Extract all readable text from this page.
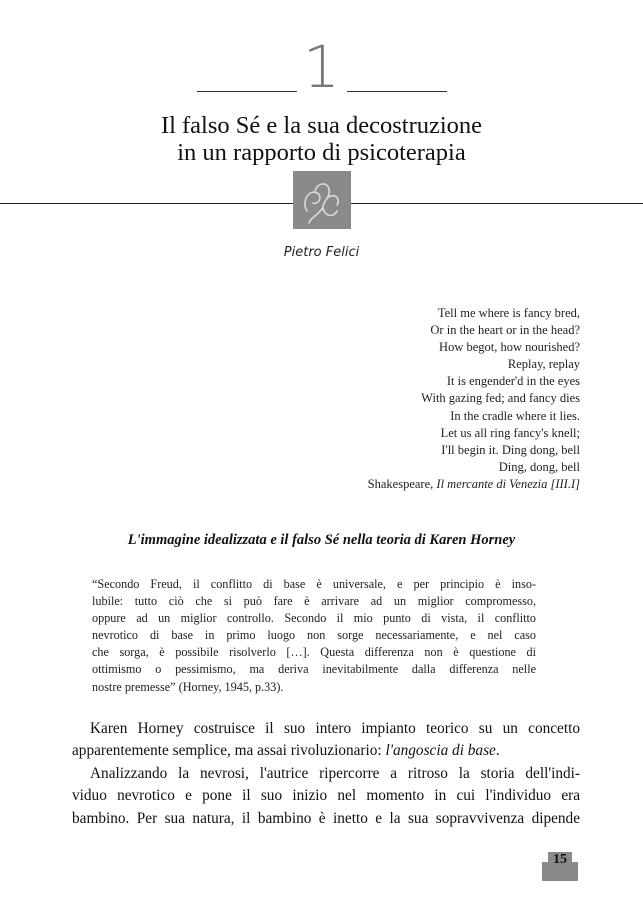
1
Il falso Sé e la sua decostruzione
in un rapporto di psicoterapia
Pietro Felici
Tell me where is fancy bred,
Or in the heart or in the head?
How begot, how nourished?
Replay, replay
It is engender'd in the eyes
With gazing fed; and fancy dies
In the cradle where it lies.
Let us all ring fancy's knell;
I'll begin it. Ding dong, bell
Ding, dong, bell
Shakespeare, Il mercante di Venezia [III.I]
L'immagine idealizzata e il falso Sé nella teoria di Karen Horney
“Secondo Freud, il conflitto di base è universale, e per principio è inso-
lubile: tutto ciò che si può fare è arrivare ad un miglior compromesso,
oppure ad un miglior controllo. Secondo il mio punto di vista, il conflitto
nevrotico di base in primo luogo non sorge necessariamente, e nel caso
che sorga, è possibile risolverlo […]. Questa differenza non è questione di
ottimismo o pessimismo, ma deriva inevitabilmente dalla differenza nelle
nostre premesse” (Horney, 1945, p.33).
Karen Horney costruisce il suo intero impianto teorico su un concetto
apparentemente semplice, ma assai rivoluzionario: l'angoscia di base.
Analizzando la nevrosi, l'autrice ripercorre a ritroso la storia dell'indi-
viduo nevrotico e pone il suo inizio nel momento in cui l'individuo era
bambino. Per sua natura, il bambino è inetto e la sua sopravvivenza dipende
15
